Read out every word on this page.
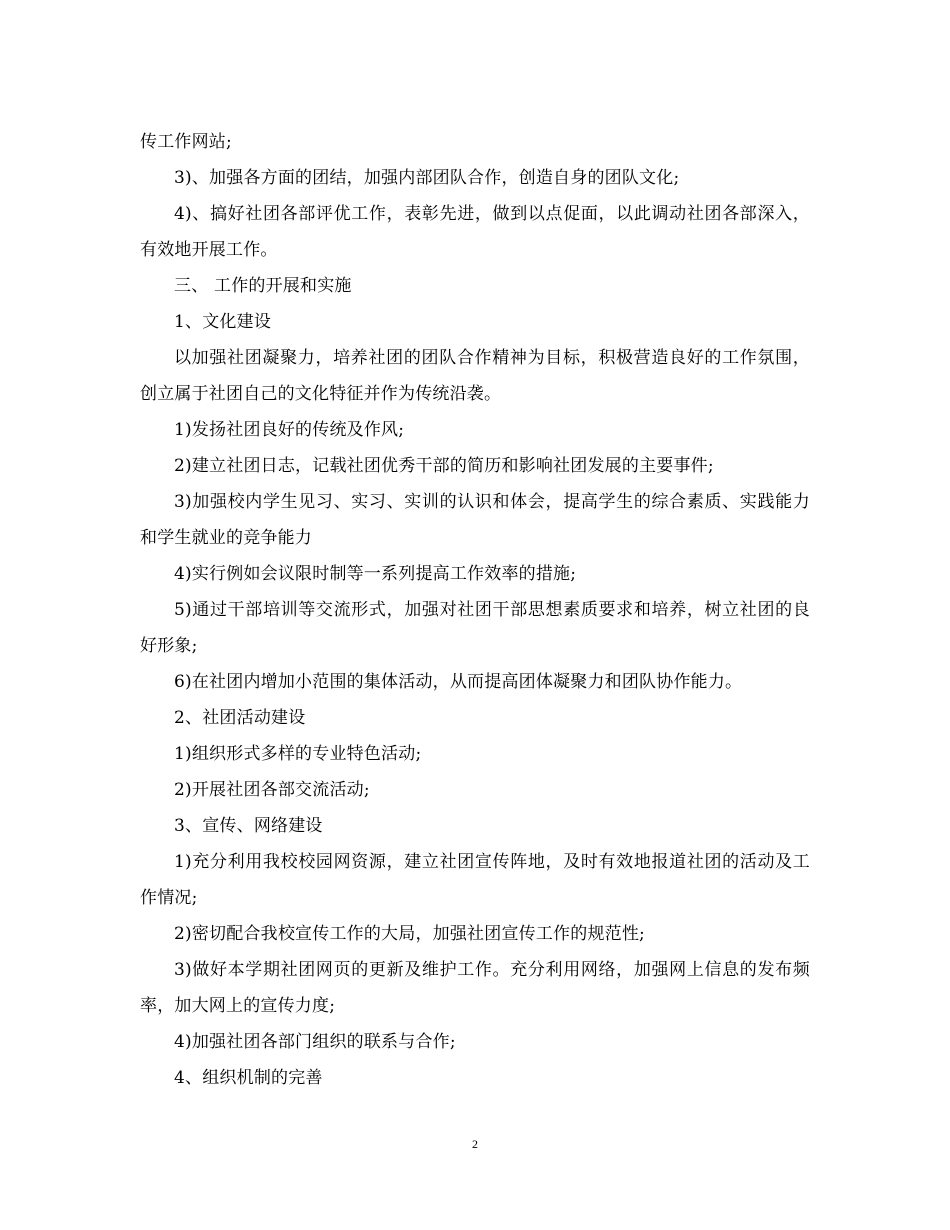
传工作网站;

3)、加强各方面的团结，加强内部团队合作，创造自身的团队文化;

4)、搞好社团各部评优工作，表彰先进，做到以点促面，以此调动社团各部深入，有效地开展工作。

三、 工作的开展和实施

1、文化建设

以加强社团凝聚力，培养社团的团队合作精神为目标，积极营造良好的工作氛围，创立属于社团自己的文化特征并作为传统沿袭。

1)发扬社团良好的传统及作风;

2)建立社团日志，记载社团优秀干部的简历和影响社团发展的主要事件;

3)加强校内学生见习、实习、实训的认识和体会，提高学生的综合素质、实践能力和学生就业的竞争能力

4)实行例如会议限时制等一系列提高工作效率的措施;

5)通过干部培训等交流形式，加强对社团干部思想素质要求和培养，树立社团的良好形象;

6)在社团内增加小范围的集体活动，从而提高团体凝聚力和团队协作能力。

2、社团活动建设

1)组织形式多样的专业特色活动;

2)开展社团各部交流活动;

3、宣传、网络建设

1)充分利用我校校园网资源，建立社团宣传阵地，及时有效地报道社团的活动及工作情况;

2)密切配合我校宣传工作的大局，加强社团宣传工作的规范性;

3)做好本学期社团网页的更新及维护工作。充分利用网络，加强网上信息的发布频率，加大网上的宣传力度;

4)加强社团各部门组织的联系与合作;

4、组织机制的完善

2
